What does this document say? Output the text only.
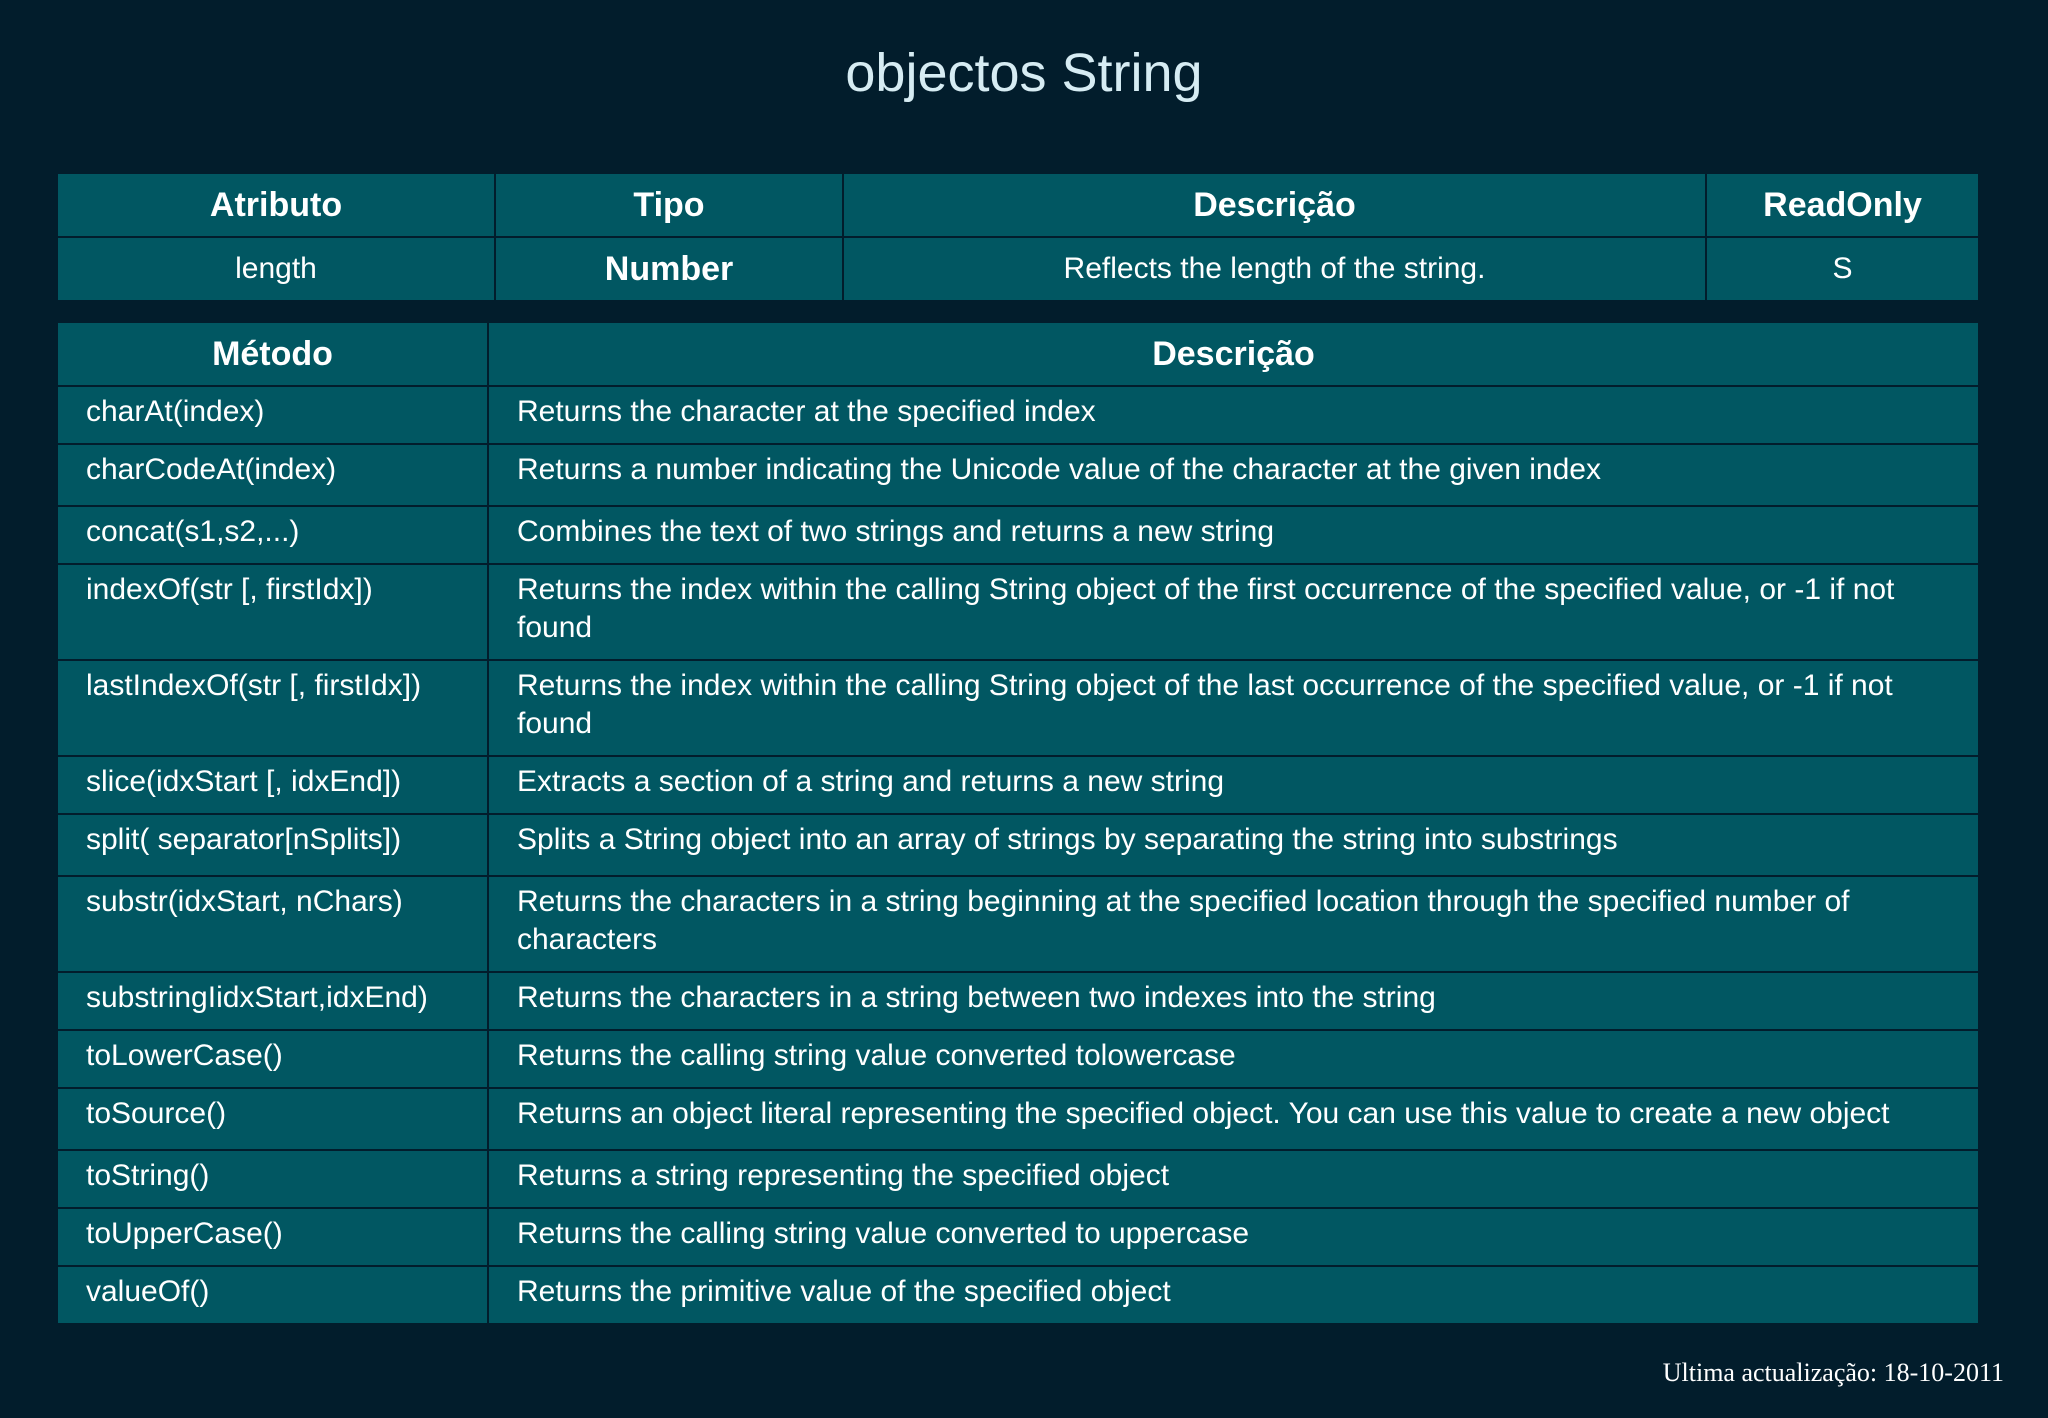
objectos String
Atributo	Tipo	Descrição	ReadOnly
length	Number	Reflects the length of the string.	S
Método	Descrição
charAt(index)	Returns the character at the specified index
charCodeAt(index)	Returns a number indicating the Unicode value of the character at the given index
concat(s1,s2,...)	Combines the text of two strings and returns a new string
indexOf(str [, firstIdx])	Returns the index within the calling String object of the first occurrence of the specified value, or -1 if not found
lastIndexOf(str [, firstIdx])	Returns the index within the calling String object of the last occurrence of the specified value, or -1 if not found
slice(idxStart [, idxEnd])	Extracts a section of a string and returns a new string
split( separator[nSplits])	Splits a String object into an array of strings by separating the string into substrings
substr(idxStart, nChars)	Returns the characters in a string beginning at the specified location through the specified number of characters
substringIidxStart,idxEnd)	Returns the characters in a string between two indexes into the string
toLowerCase()	Returns the calling string value converted tolowercase
toSource()	Returns an object literal representing the specified object. You can use this value to create a new object
toString()	Returns a string representing the specified object
toUpperCase()	Returns the calling string value converted to uppercase
valueOf()	Returns the primitive value of the specified object
Ultima actualização: 18-10-2011
